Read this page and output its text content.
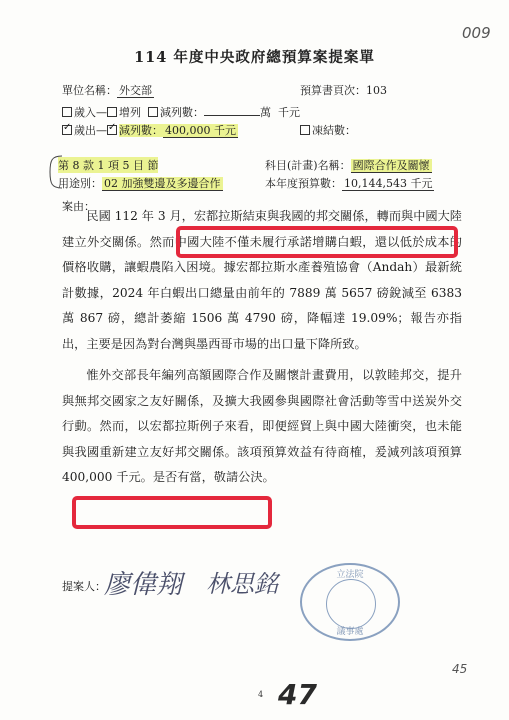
009
114 年度中央政府總預算案提案單
單位名稱： 外交部	預算書頁次：103
歲入— 增列 減列數：	萬 千元
✓歲出—✓ 減列數： 400,000 千元	凍結數：
第 8 款 1 項 5 目 節	科目(計畫)名稱： 國際合作及關懷
用途別： 02 加強雙邊及多邊合作	本年度預算數： 10,144,543 千元
案由：

民國 112 年 3 月，宏都拉斯結束與我國的邦交關係，轉而與中國大陸建立外交關係。然而中國大陸不僅未履行承諾增購白蝦，還以低於成本的價格收購，讓蝦農陷入困境。據宏都拉斯水產養殖協會（Andah）最新統計數據，2024 年白蝦出口總量由前年的 7889 萬 5657 磅銳減至 6383 萬 867 磅，總計萎縮 1506 萬 4790 磅，降幅達 19.09%；報告亦指出，主要是因為對台灣與墨西哥市場的出口量下降所致。

惟外交部長年編列高額國際合作及關懷計畫費用，以敦睦邦交，提升與無邦交國家之友好關係，及擴大我國參與國際社會活動等雪中送炭外交行動。然而，以宏都拉斯例子來看，即便經貿上與中國大陸衝突，也未能與我國重新建立友好邦交關係。該項預算效益有待商榷，爰減列該項預算 400,000 千元。是否有當，敬請公決。

提案人：
廖偉翔 林思銘	立法院
議事處
45
4 47
